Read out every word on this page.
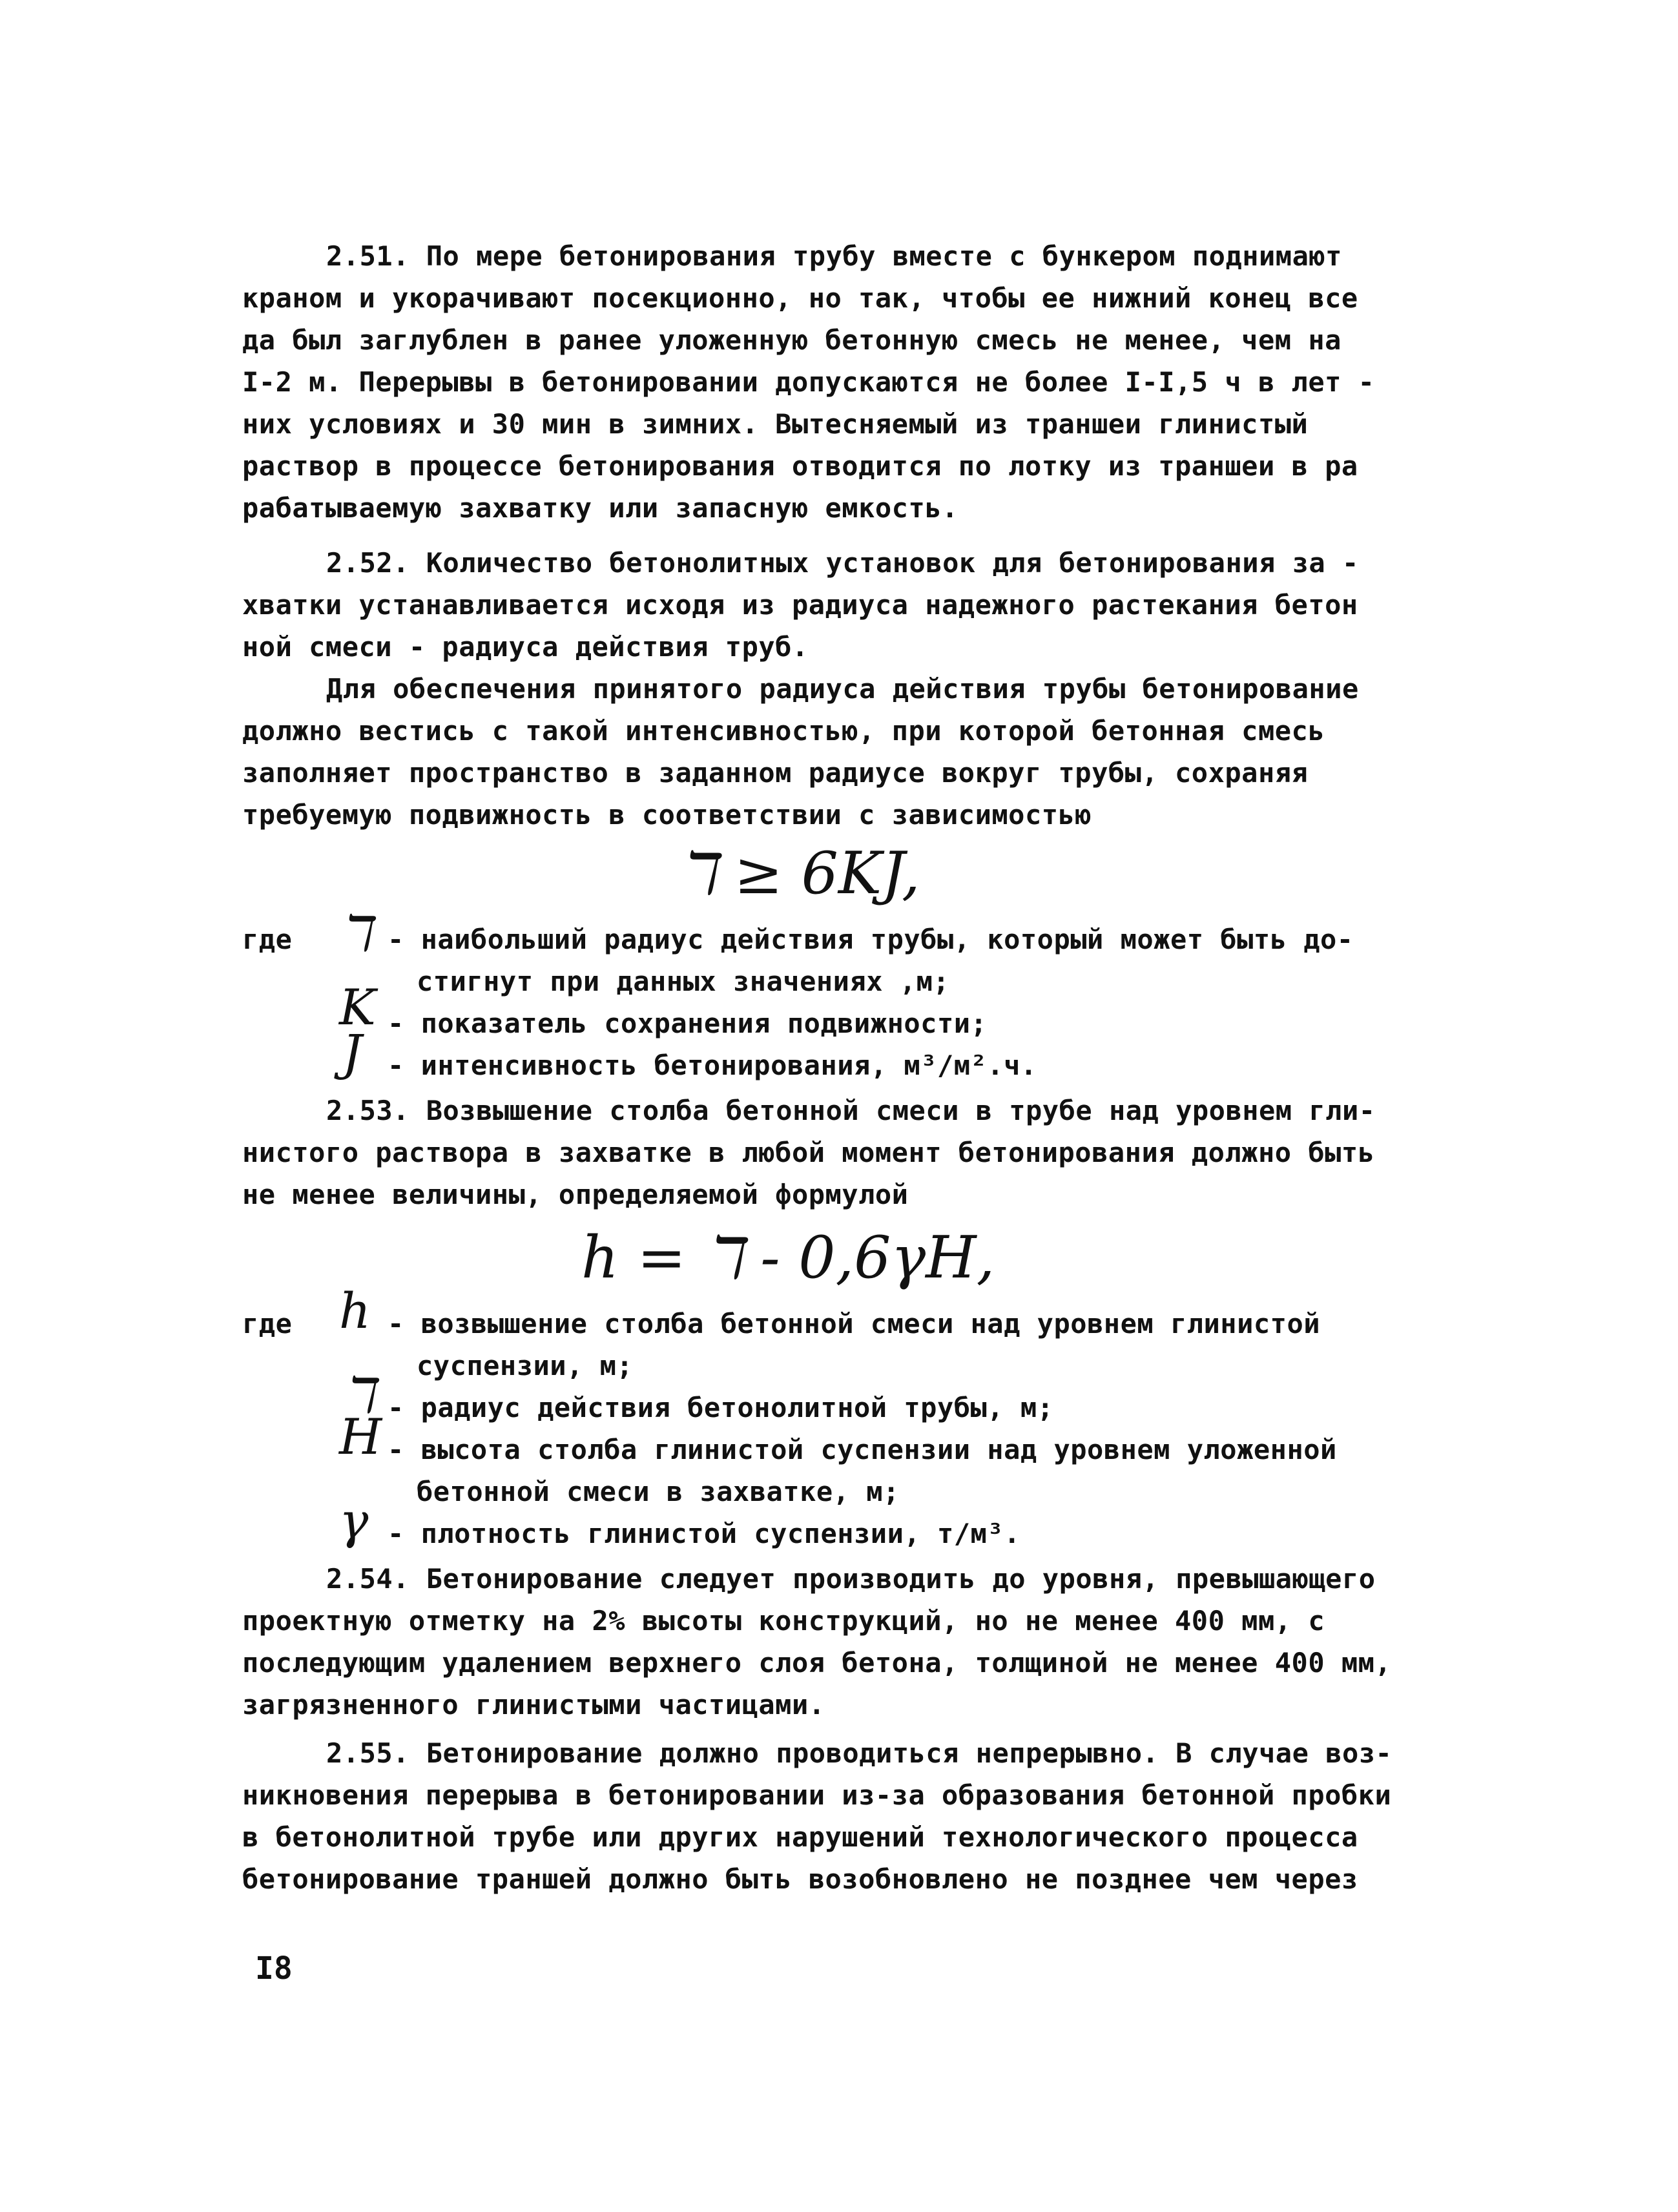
2.51. По мере бетонирования трубу вместе с бункером поднимают
краном и укорачивают посекционно, но так, чтобы ее нижний конец все
да был заглублен в ранее уложенную бетонную смесь не менее, чем на
I-2 м. Перерывы в бетонировании допускаются не более I-I,5 ч в лет -
них условиях и 30 мин в зимних. Вытесняемый из траншеи глинистый
раствор в процессе бетонирования отводится по лотку из траншеи в ра
рабатываемую захватку или запасную емкость.
2.52. Количество бетонолитных установок для бетонирования за -
хватки устанавливается исходя из радиуса надежного растекания бетон
ной смеси - радиуса действия труб.
Для обеспечения принятого радиуса действия трубы бетонирование
должно вестись с такой интенсивностью, при которой бетонная смесь
заполняет пространство в заданном радиусе вокруг трубы, сохраняя
требуемую подвижность в соответствии с зависимостью
ℸ ≥ 6KJ,
где ℸ - наибольший радиус действия трубы, который может быть до-
стигнут при данных значениях ,м;
K - показатель сохранения подвижности;
J - интенсивность бетонирования, м³/м².ч.
2.53. Возвышение столба бетонной смеси в трубе над уровнем гли-
нистого раствора в захватке в любой момент бетонирования должно быть
не менее величины, определяемой формулой
h = ℸ - 0,6γH,
где h - возвышение столба бетонной смеси над уровнем глинистой
суспензии, м;
ℸ - радиус действия бетонолитной трубы, м;
H - высота столба глинистой суспензии над уровнем уложенной
бетонной смеси в захватке, м;
γ - плотность глинистой суспензии, т/м³.
2.54. Бетонирование следует производить до уровня, превышающего
проектную отметку на 2% высоты конструкций, но не менее 400 мм, с
последующим удалением верхнего слоя бетона, толщиной не менее 400 мм,
загрязненного глинистыми частицами.
2.55. Бетонирование должно проводиться непрерывно. В случае воз-
никновения перерыва в бетонировании из-за образования бетонной пробки
в бетонолитной трубе или других нарушений технологического процесса
бетонирование траншей должно быть возобновлено не позднее чем через
I8
